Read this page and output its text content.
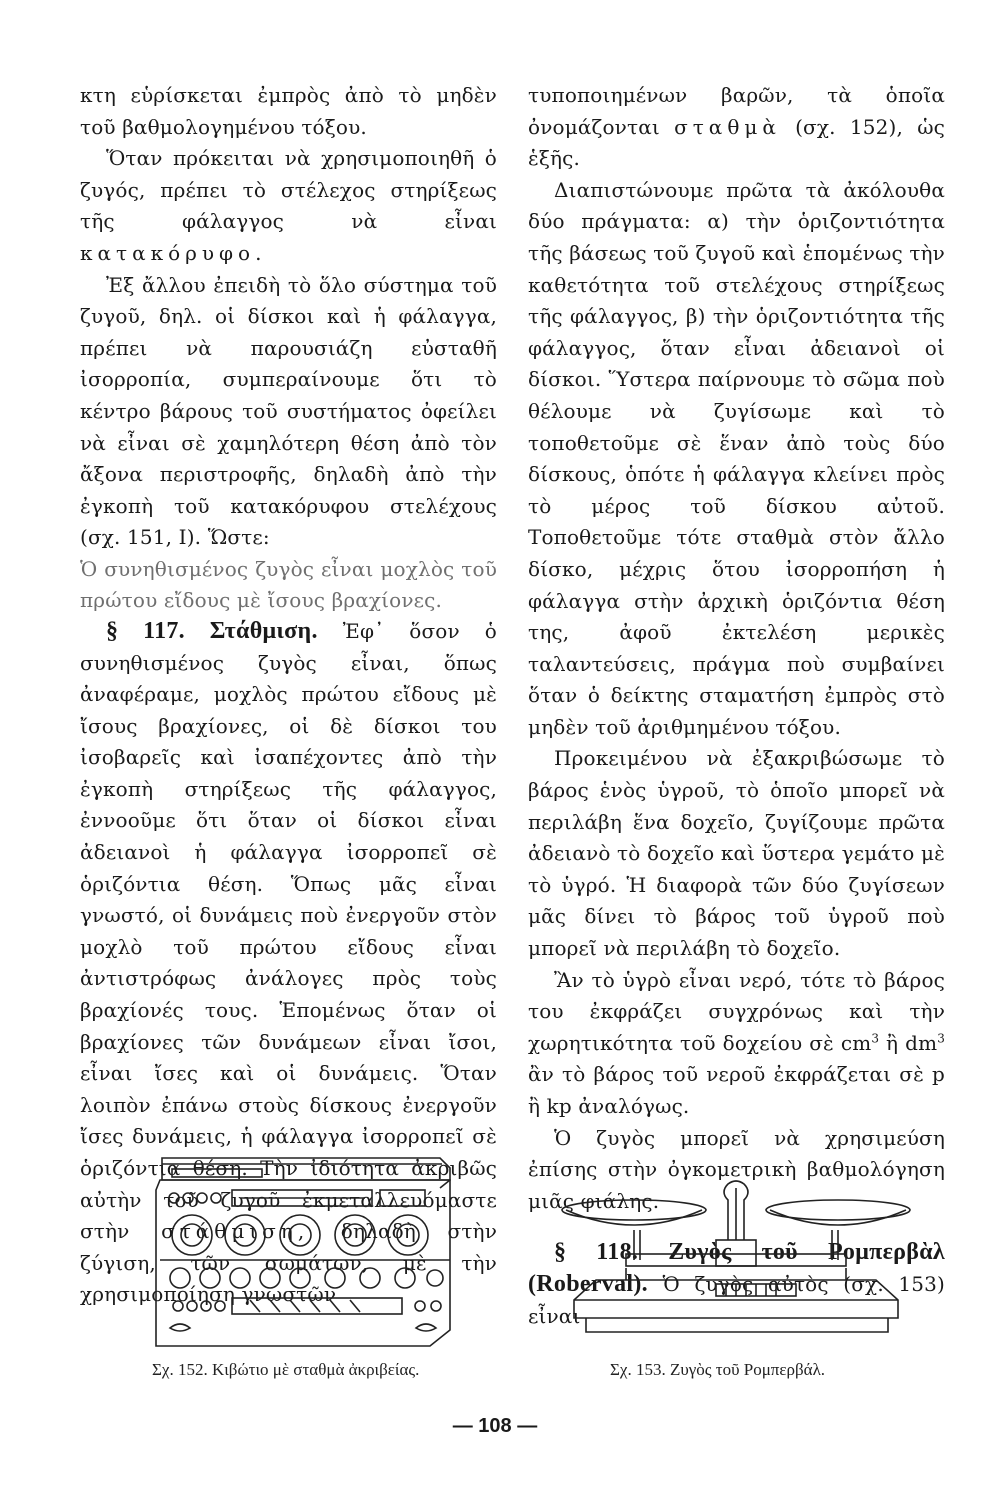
κτη εὑρίσκεται ἐμπρὸς ἀπὸ τὸ μηδὲν τοῦ βαθμολογημένου τόξου.

Ὅταν πρόκειται νὰ χρησιμοποιηθῆ ὁ ζυγός, πρέπει τὸ στέλεχος στηρίξεως τῆς φάλαγγος νὰ εἶναι κατακόρυφο.

Ἐξ ἄλλου ἐπειδὴ τὸ ὅλο σύστημα τοῦ ζυγοῦ, δηλ. οἱ δίσκοι καὶ ἡ φάλαγγα, πρέπει νὰ παρουσιάζη εὐσταθῆ ἰσορροπία, συμπεραίνουμε ὅτι τὸ κέντρο βάρους τοῦ συστήματος ὀφείλει νὰ εἶναι σὲ χαμηλότερη θέση ἀπὸ τὸν ἄξονα περιστροφῆς, δηλαδὴ ἀπὸ τὴν ἐγκοπὴ τοῦ κατακόρυφου στελέχους (σχ. 151, I). Ὥστε:

Ὁ συνηθισμένος ζυγὸς εἶναι μοχλὸς τοῦ πρώτου εἴδους μὲ ἴσους βραχίονες.

§ 117. Στάθμιση. Ἐφ᾿ ὅσον ὁ συνηθισμένος ζυγὸς εἶναι, ὅπως ἀναφέραμε, μοχλὸς πρώτου εἴδους μὲ ἴσους βραχίονες, οἱ δὲ δίσκοι του ἰσοβαρεῖς καὶ ἰσαπέχοντες ἀπὸ τὴν ἐγκοπὴ στηρίξεως τῆς φάλαγγος, ἐννοοῦμε ὅτι ὅταν οἱ δίσκοι εἶναι ἀδειανοὶ ἡ φάλαγγα ἰσορροπεῖ σὲ ὁριζόντια θέση. Ὅπως μᾶς εἶναι γνωστό, οἱ δυνάμεις ποὺ ἐνεργοῦν στὸν μοχλὸ τοῦ πρώτου εἴδους εἶναι ἀντιστρόφως ἀνάλογες πρὸς τοὺς βραχίονές τους. Ἑπομένως ὅταν οἱ βραχίονες τῶν δυνάμεων εἶναι ἴσοι, εἶναι ἴσες καὶ οἱ δυνάμεις. Ὅταν λοιπὸν ἐπάνω στοὺς δίσκους ἐνεργοῦν ἴσες δυνάμεις, ἡ φάλαγγα ἰσορροπεῖ σὲ ὁριζόντια θέση. Τὴν ἰδιότητα ἀκριβῶς αὐτὴν τοῦ ζυγοῦ ἐκμεταλλευόμαστε στὴν στάθμιση, δηλαδὴ στὴν ζύγιση, τῶν σωμάτων, μὲ τὴν χρησιμοποίηση γνωστῶν

τυποποιημένων βαρῶν, τὰ ὁποῖα ὀνομάζονται σταθμὰ (σχ. 152), ὡς ἑξῆς.

Διαπιστώνουμε πρῶτα τὰ ἀκόλουθα δύο πράγματα: α) τὴν ὁριζοντιότητα τῆς βάσεως τοῦ ζυγοῦ καὶ ἑπομένως τὴν καθετότητα τοῦ στελέχους στηρίξεως τῆς φάλαγγος, β) τὴν ὁριζοντιότητα τῆς φάλαγγος, ὅταν εἶναι ἀδειανοὶ οἱ δίσκοι. Ὕστερα παίρνουμε τὸ σῶμα ποὺ θέλουμε νὰ ζυγίσωμε καὶ τὸ τοποθετοῦμε σὲ ἕναν ἀπὸ τοὺς δύο δίσκους, ὁπότε ἡ φάλαγγα κλείνει πρὸς τὸ μέρος τοῦ δίσκου αὐτοῦ. Τοποθετοῦμε τότε σταθμὰ στὸν ἄλλο δίσκο, μέχρις ὅτου ἰσορροπήση ἡ φάλαγγα στὴν ἀρχικὴ ὁριζόντια θέση της, ἀφοῦ ἐκτελέση μερικὲς ταλαντεύσεις, πράγμα ποὺ συμβαίνει ὅταν ὁ δείκτης σταματήση ἐμπρὸς στὸ μηδὲν τοῦ ἀριθμημένου τόξου.

Προκειμένου νὰ ἐξακριβώσωμε τὸ βάρος ἑνὸς ὑγροῦ, τὸ ὁποῖο μπορεῖ νὰ περιλάβη ἕνα δοχεῖο, ζυγίζουμε πρῶτα ἀδειανὸ τὸ δοχεῖο καὶ ὕστερα γεμάτο μὲ τὸ ὑγρό. Ἡ διαφορὰ τῶν δύο ζυγίσεων μᾶς δίνει τὸ βάρος τοῦ ὑγροῦ ποὺ μπορεῖ νὰ περιλάβη τὸ δοχεῖο.

Ἂν τὸ ὑγρὸ εἶναι νερό, τότε τὸ βάρος του ἐκφράζει συγχρόνως καὶ τὴν χωρητικότητα τοῦ δοχείου σὲ $cm^3$ ἢ $dm^3$ ἂν τὸ βάρος τοῦ νεροῦ ἐκφράζεται σὲ p ἢ kp ἀναλόγως.

Ὁ ζυγὸς μπορεῖ νὰ χρησιμεύση ἐπίσης στὴν ὀγκομετρικὴ βαθμολόγηση μιᾶς φιάλης.

§ 118. Ζυγὸς τοῦ Ρομπερβὰλ (Roberval). Ὁ ζυγὸς αὐτὸς (σχ. 153) εἶναι

Σχ. 152. Κιβώτιο μὲ σταθμὰ ἀκριβείας.	Σχ. 153. Ζυγὸς τοῦ Ρομπερβάλ.
— 108 —
